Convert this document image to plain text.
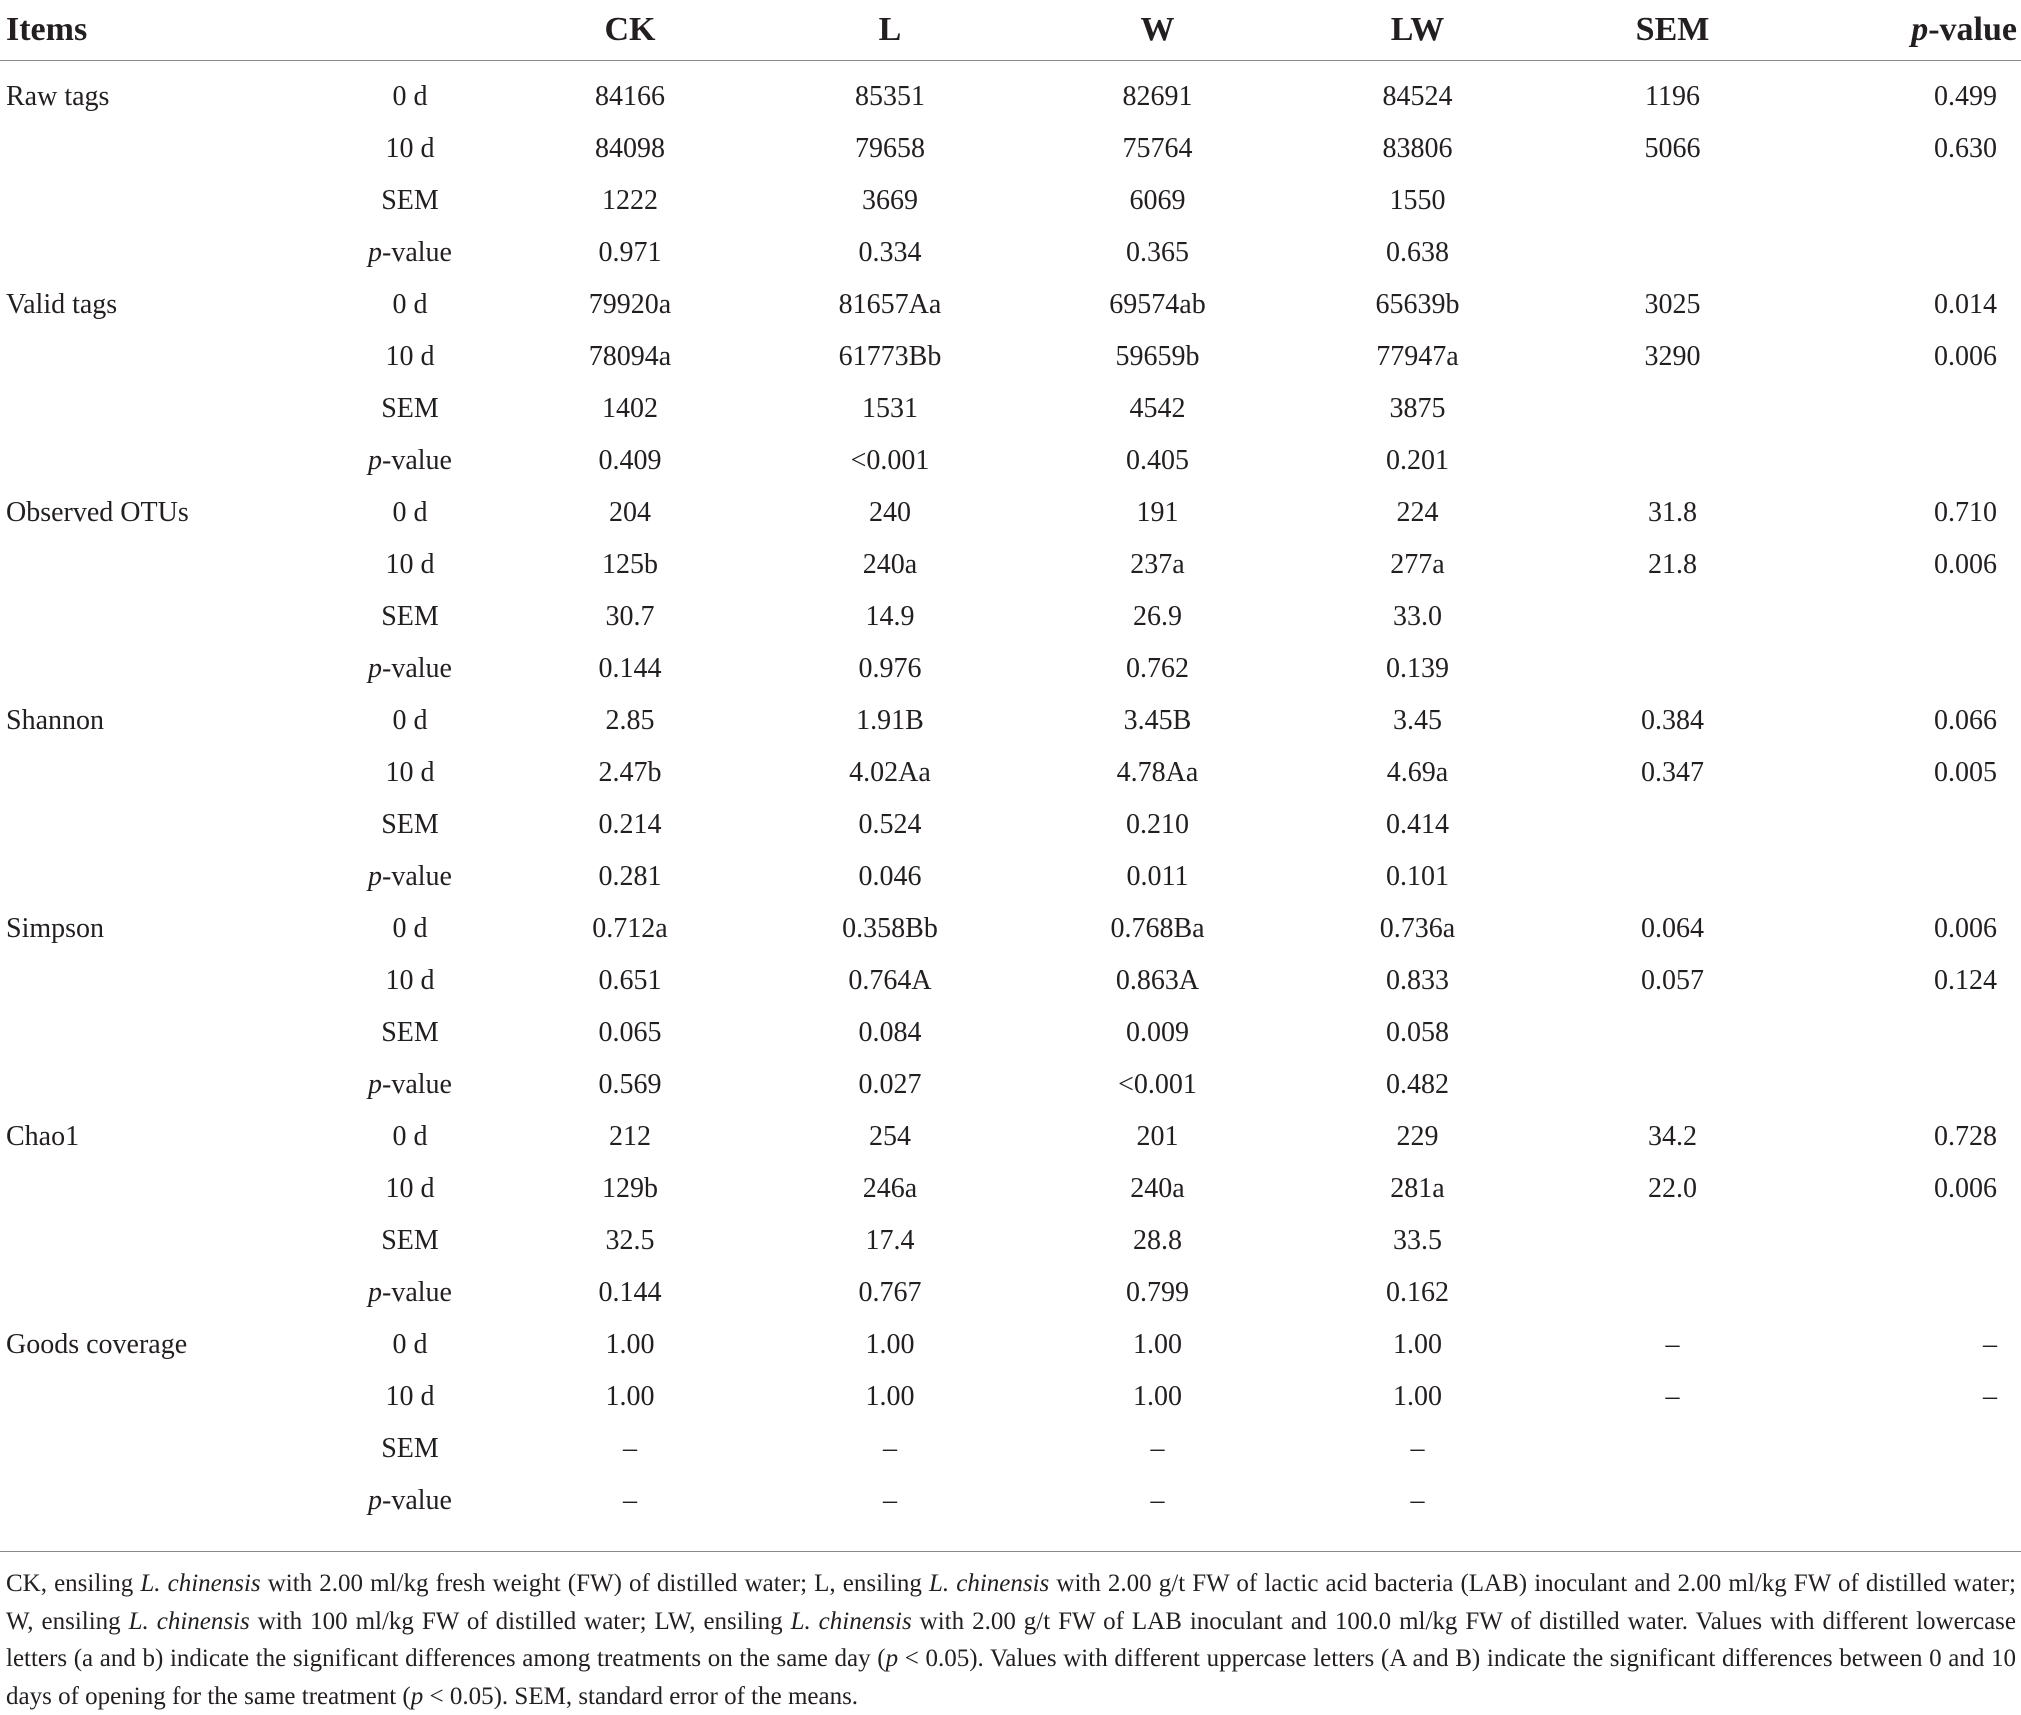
Items		CK	L	W	LW	SEM	p-value
Raw tags	0 d	84166	85351	82691	84524	1196	0.499
	10 d	84098	79658	75764	83806	5066	0.630
	SEM	1222	3669	6069	1550		
	p-value	0.971	0.334	0.365	0.638		
Valid tags	0 d	79920a	81657Aa	69574ab	65639b	3025	0.014
	10 d	78094a	61773Bb	59659b	77947a	3290	0.006
	SEM	1402	1531	4542	3875		
	p-value	0.409	<0.001	0.405	0.201		
Observed OTUs	0 d	204	240	191	224	31.8	0.710
	10 d	125b	240a	237a	277a	21.8	0.006
	SEM	30.7	14.9	26.9	33.0		
	p-value	0.144	0.976	0.762	0.139		
Shannon	0 d	2.85	1.91B	3.45B	3.45	0.384	0.066
	10 d	2.47b	4.02Aa	4.78Aa	4.69a	0.347	0.005
	SEM	0.214	0.524	0.210	0.414		
	p-value	0.281	0.046	0.011	0.101		
Simpson	0 d	0.712a	0.358Bb	0.768Ba	0.736a	0.064	0.006
	10 d	0.651	0.764A	0.863A	0.833	0.057	0.124
	SEM	0.065	0.084	0.009	0.058		
	p-value	0.569	0.027	<0.001	0.482		
Chao1	0 d	212	254	201	229	34.2	0.728
	10 d	129b	246a	240a	281a	22.0	0.006
	SEM	32.5	17.4	28.8	33.5		
	p-value	0.144	0.767	0.799	0.162		
Goods coverage	0 d	1.00	1.00	1.00	1.00	–	–
	10 d	1.00	1.00	1.00	1.00	–	–
	SEM	–	–	–	–		
	p-value	–	–	–	–		
CK, ensiling L. chinensis with 2.00 ml/kg fresh weight (FW) of distilled water; L, ensiling L. chinensis with 2.00 g/t FW of lactic acid bacteria (LAB) inoculant and 2.00 ml/kg FW of distilled water; W, ensiling L. chinensis with 100 ml/kg FW of distilled water; LW, ensiling L. chinensis with 2.00 g/t FW of LAB inoculant and 100.0 ml/kg FW of distilled water. Values with different lowercase letters (a and b) indicate the significant differences among treatments on the same day (p < 0.05). Values with different uppercase letters (A and B) indicate the significant differences between 0 and 10 days of opening for the same treatment (p < 0.05). SEM, standard error of the means.
